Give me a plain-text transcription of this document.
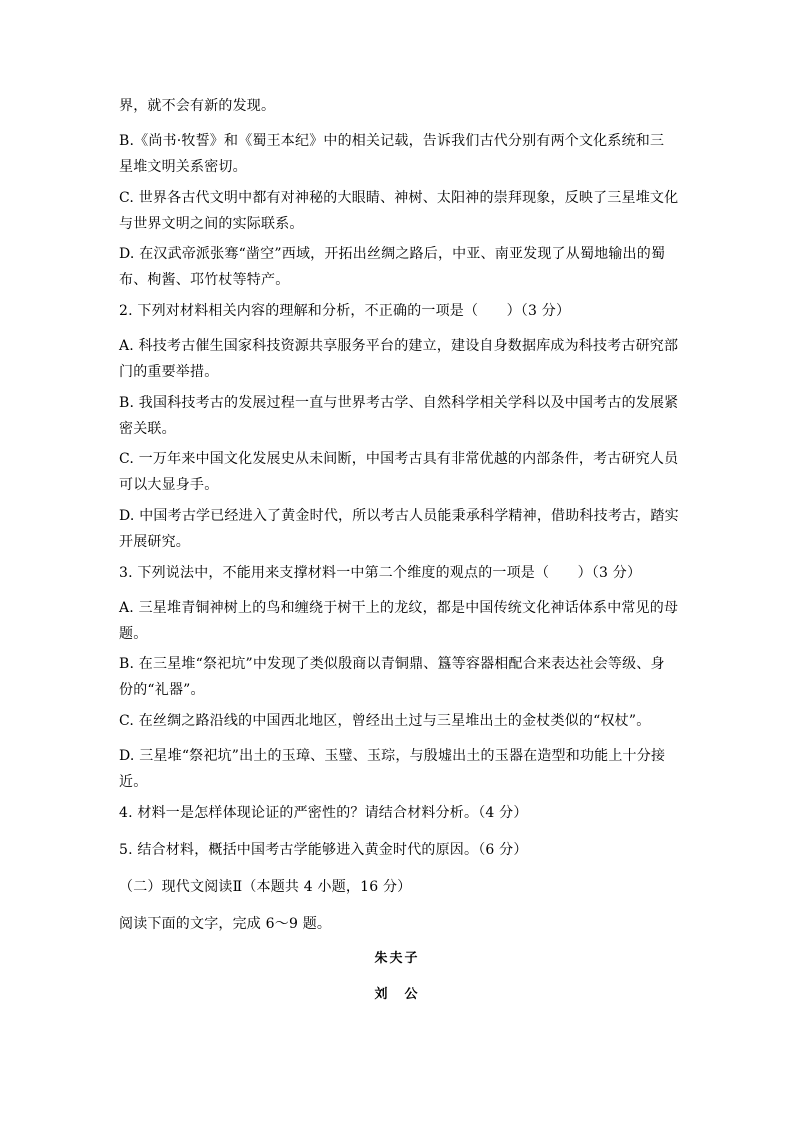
界，就不会有新的发现。

B.《尚书·牧誓》和《蜀王本纪》中的相关记载，告诉我们古代分别有两个文化系统和三
星堆文明关系密切。

C. 世界各古代文明中都有对神秘的大眼睛、神树、太阳神的崇拜现象，反映了三星堆文化
与世界文明之间的实际联系。

D. 在汉武帝派张骞“凿空”西域，开拓出丝绸之路后，中亚、南亚发现了从蜀地输出的蜀
布、枸酱、邛竹杖等特产。

2. 下列对材料相关内容的理解和分析，不正确的一项是（　　）（3 分）

A. 科技考古催生国家科技资源共享服务平台的建立，建设自身数据库成为科技考古研究部
门的重要举措。

B. 我国科技考古的发展过程一直与世界考古学、自然科学相关学科以及中国考古的发展紧
密关联。

C. 一万年来中国文化发展史从未间断，中国考古具有非常优越的内部条件，考古研究人员
可以大显身手。

D. 中国考古学已经进入了黄金时代，所以考古人员能秉承科学精神，借助科技考古，踏实
开展研究。

3. 下列说法中，不能用来支撑材料一中第二个维度的观点的一项是（　　）（3 分）

A. 三星堆青铜神树上的鸟和缠绕于树干上的龙纹，都是中国传统文化神话体系中常见的母
题。

B. 在三星堆“祭祀坑”中发现了类似殷商以青铜鼎、簋等容器相配合来表达社会等级、身
份的“礼器”。

C. 在丝绸之路沿线的中国西北地区，曾经出土过与三星堆出土的金杖类似的“权杖”。

D. 三星堆“祭祀坑”出土的玉璋、玉璧、玉琮，与殷墟出土的玉器在造型和功能上十分接
近。

4. 材料一是怎样体现论证的严密性的？请结合材料分析。（4 分）

5. 结合材料，概括中国考古学能够进入黄金时代的原因。（6 分）

（二）现代文阅读Ⅱ（本题共 4 小题，16 分）

阅读下面的文字，完成 6～9 题。

朱夫子

刘　公
